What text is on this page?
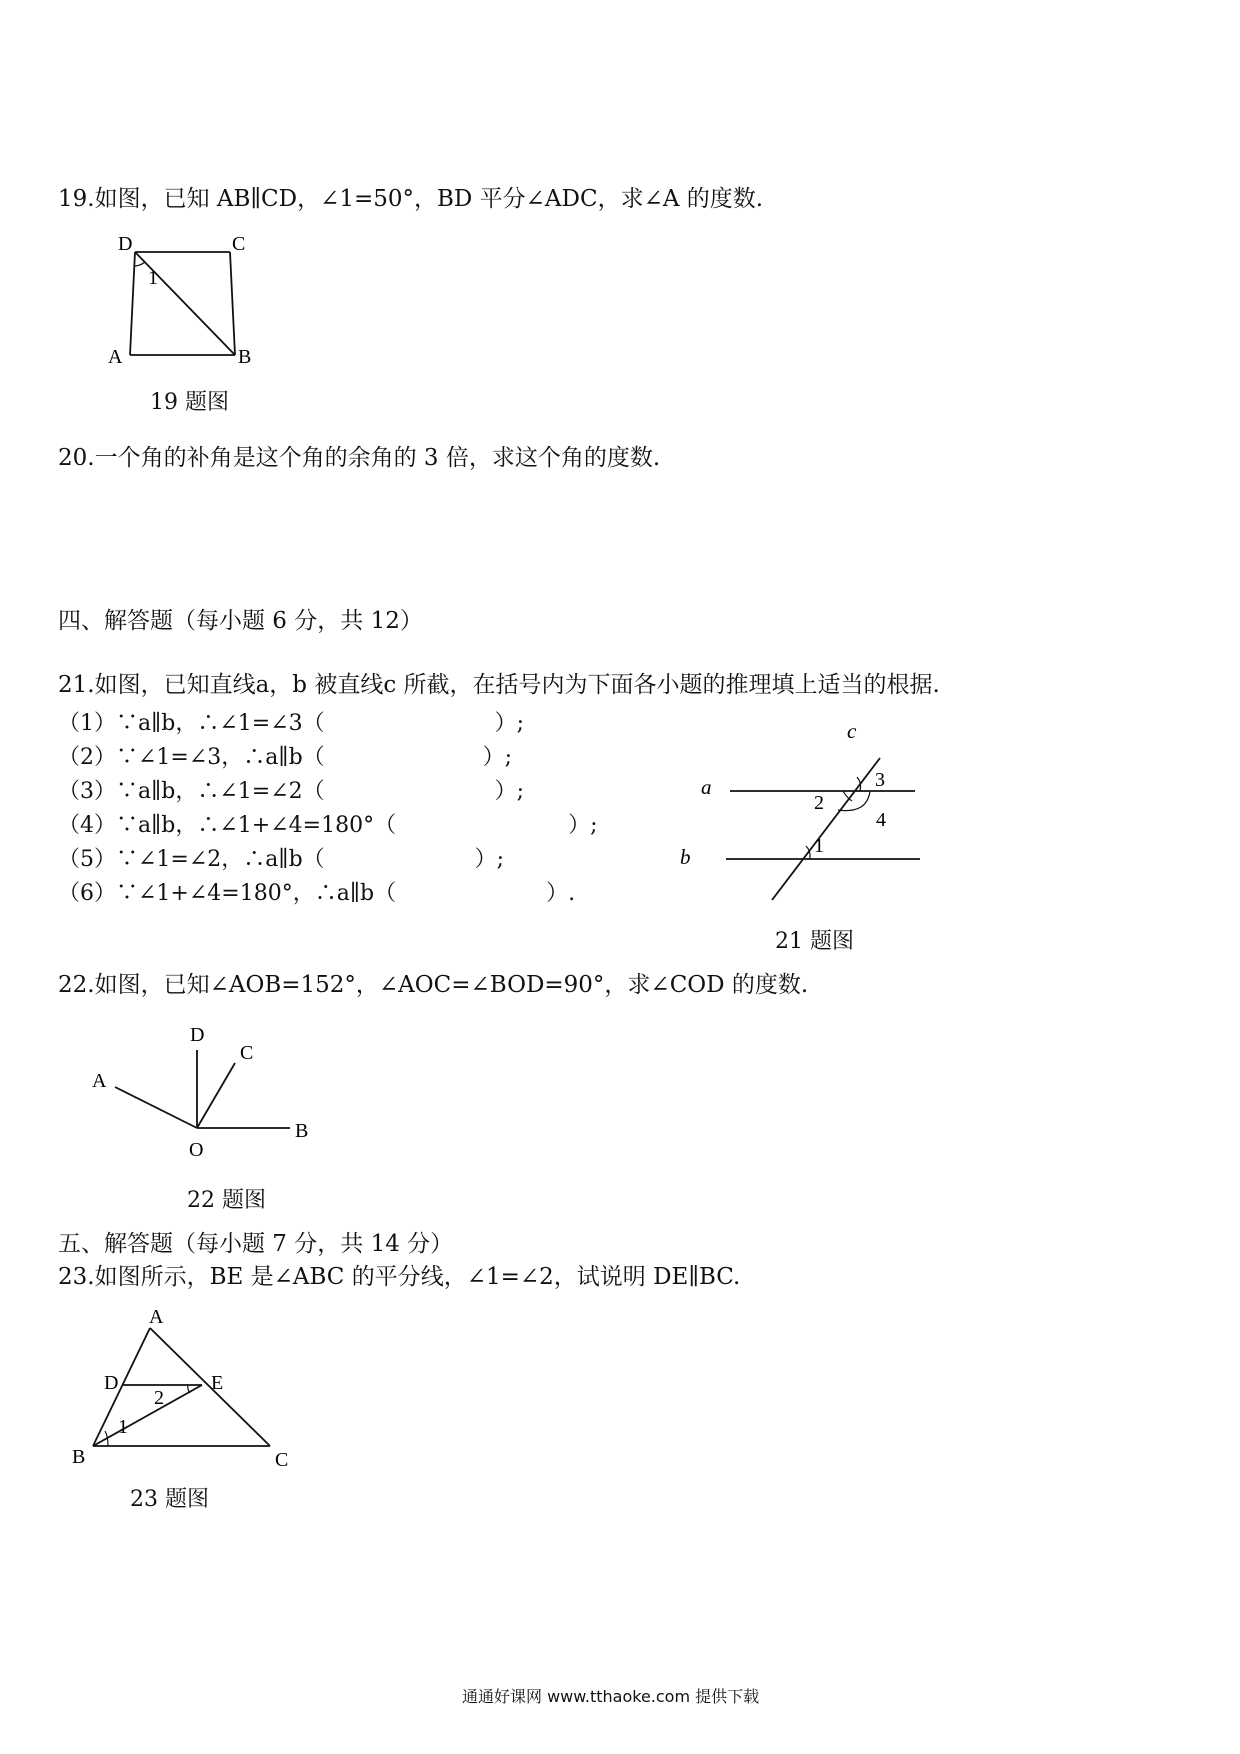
19.如图，已知 AB∥CD，∠1=50°，BD 平分∠ADC，求∠A 的度数.
D	C
A	B
1
19 题图
20.一个角的补角是这个角的余角的 3 倍，求这个角的度数.
四、解答题（每小题 6 分，共 12）
21.如图，已知直线a，b 被直线c 所截，在括号内为下面各小题的推理填上适当的根据.
（1）∵a∥b，∴∠1=∠3（	）;
（2）∵∠1=∠3，∴a∥b（	）;
（3）∵a∥b，∴∠1=∠2（	）;
（4）∵a∥b，∴∠1+∠4=180°（	）;
（5）∵∠1=∠2，∴a∥b（	）;
（6）∵∠1+∠4=180°，∴a∥b（	）.
c
a
b	1
2
3
4
21 题图
22.如图，已知∠AOB=152°，∠AOC=∠BOD=90°，求∠COD 的度数.
D
C
A
B
O
22 题图
五、解答题（每小题 7 分，共 14 分）
23.如图所示，BE 是∠ABC 的平分线，∠1=∠2，试说明 DE∥BC.
A
D	E
B	C
1
2
23 题图
通通好课网 www.tthaoke.com 提供下载
